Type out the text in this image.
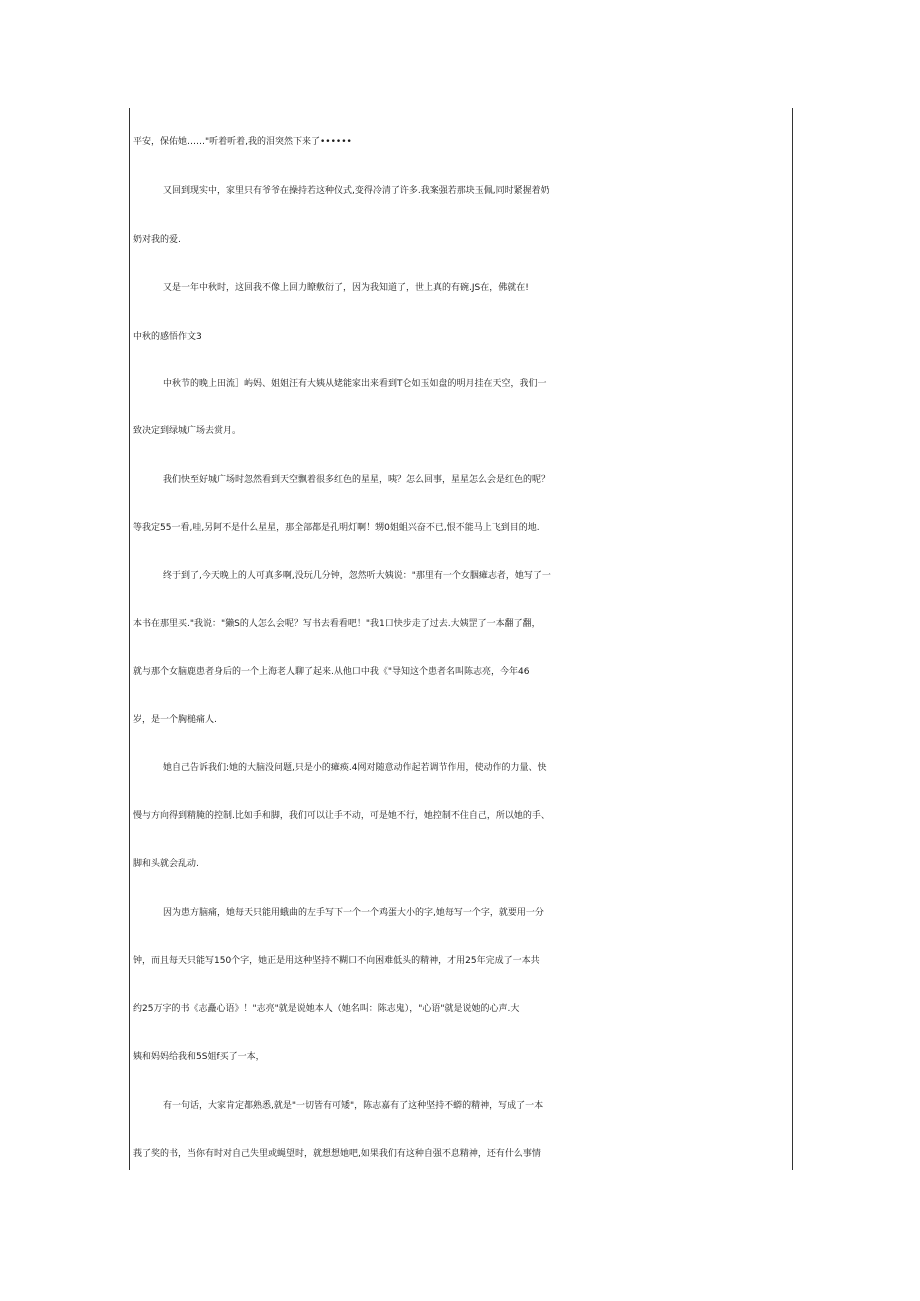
平安，保佑她……"听着听着,我的泪突然下来了••••••
又回到现实中，家里只有爷爷在操持若这种仪式,变得冷清了许多.我案强若那块玉佩,同时紧握着奶
奶对我的爱.
又是一年中秋时，这回我不像上回力瞭敷衍了，因为我知道了，世上真的有碗.JS在，佛就在!
中秋的感悟作文3
中秋节的晚上田流］屿妈、姐姐汪有大姨从姥能家出来看到T仑如玉如盘的明月挂在天空，我们一
致决定到绿城广场去赏月。
我们快至好城广场时忽然看到天空飘着很多红色的星星，咦？怎么回事，星星怎么会是红色的呢？
等我定55一看,哇,另阿不是什么星星，那全部都是孔明灯啊！甥0姐蛆兴奋不已,恨不能马上飞到目的地.
终于到了,今天晚上的人可真多啊,没玩几分钟，忽然听大姨说："那里有一个女胭瘫志者，她写了一
本书在那里买."我说："獭S的人怎么会呢？写书去看看吧！"我1口快步走了过去.大姨罡了一本翻了翻，
就与那个女脑鹿患者身后的一个上海老人聊了起来.从他口中我《"导知这个患者名叫陈志亮，今年46
岁，是一个胸槌痛人.
她自己告诉我们:她的大脑没问题,只是小的瘫痪.4网对随意动作起若调节作用，使动作的力量、快
慢与方向得到精腌的控制.比如手和脚，我们可以让手不动，可是她不行，她控制不住自己，所以她的手、
脚和头就会乱动.
因为患方脑痛，她每天只能用蛾曲的左手写下一个一个鸡蛋大小的字,她每写一个字，就要用一分
钟，而且每天只能写150个字，她正是用这种坚持不糊口不向困难低头的精神，才用25年完成了一本共
约25万字的书《志矗心语》！"志亮"就是说她本人（她名叫：陈志鬼），"心语"就是说她的心声.大
姨和妈妈给我和5S姐f买了一本，
有一句话，大家肯定都熟悉,就是"一切皆有可矮"，陈志嘉有了这种坚持不蟒的精神，写成了一本
莪了奖的书，当你有时对自己失里或蝇望时，就想想她吧,如果我们有这种自强不息精神，还有什么事情
